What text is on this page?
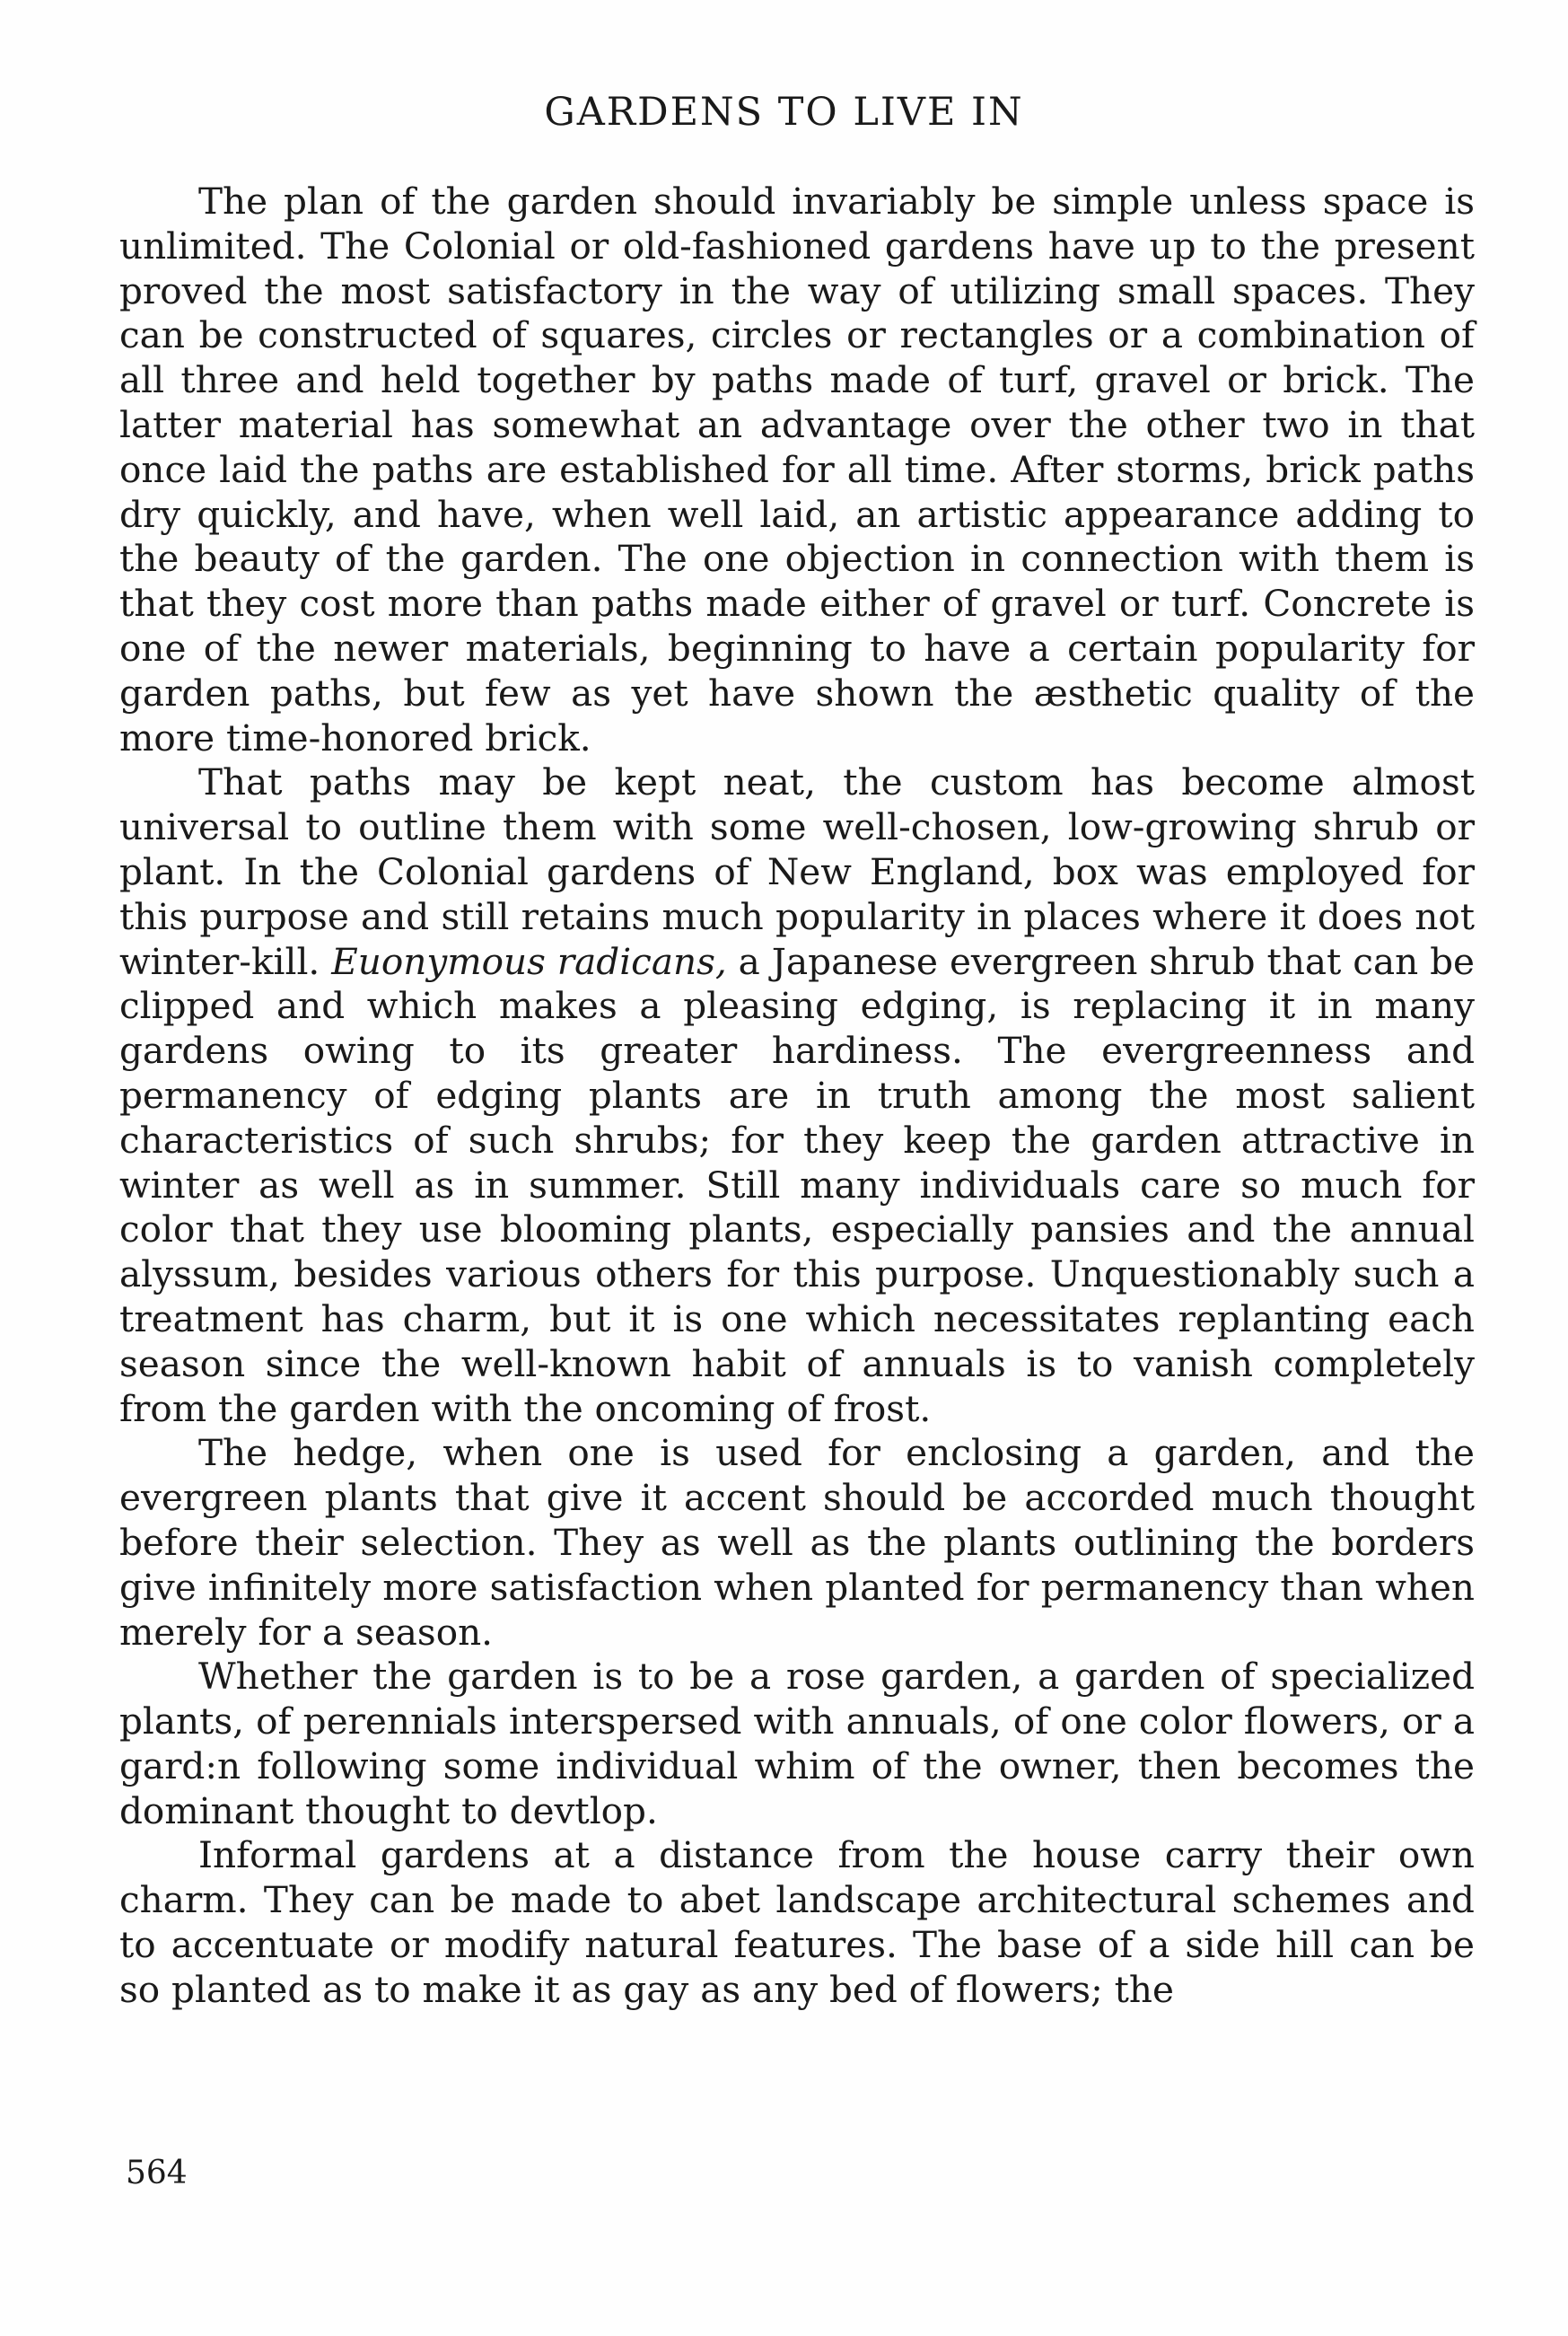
GARDENS TO LIVE IN

The plan of the garden should invariably be simple unless space is unlimited. The Colonial or old-fashioned gardens have up to the present proved the most satisfactory in the way of utilizing small spaces. They can be constructed of squares, circles or rectangles or a combination of all three and held together by paths made of turf, gravel or brick. The latter material has somewhat an advantage over the other two in that once laid the paths are established for all time. After storms, brick paths dry quickly, and have, when well laid, an artistic appearance adding to the beauty of the garden. The one objection in connection with them is that they cost more than paths made either of gravel or turf. Concrete is one of the newer materials, beginning to have a certain popularity for garden paths, but few as yet have shown the æsthetic quality of the more time-honored brick.

That paths may be kept neat, the custom has become almost universal to outline them with some well-chosen, low-growing shrub or plant. In the Colonial gardens of New England, box was employed for this purpose and still retains much popularity in places where it does not winter-kill. Euonymous radicans, a Japanese evergreen shrub that can be clipped and which makes a pleasing edging, is replacing it in many gardens owing to its greater hardiness. The evergreenness and permanency of edging plants are in truth among the most salient characteristics of such shrubs; for they keep the garden attractive in winter as well as in summer. Still many individuals care so much for color that they use blooming plants, especially pansies and the annual alyssum, besides various others for this purpose. Unquestionably such a treatment has charm, but it is one which necessitates replanting each season since the well-known habit of annuals is to vanish completely from the garden with the oncoming of frost.

The hedge, when one is used for enclosing a garden, and the evergreen plants that give it accent should be accorded much thought before their selection. They as well as the plants outlining the borders give infinitely more satisfaction when planted for permanency than when merely for a season.

Whether the garden is to be a rose garden, a garden of specialized plants, of perennials interspersed with annuals, of one color flowers, or a gard:n following some individual whim of the owner, then becomes the dominant thought to devtlop.

Informal gardens at a distance from the house carry their own charm. They can be made to abet landscape architectural schemes and to accentuate or modify natural features. The base of a side hill can be so planted as to make it as gay as any bed of flowers; the

564
